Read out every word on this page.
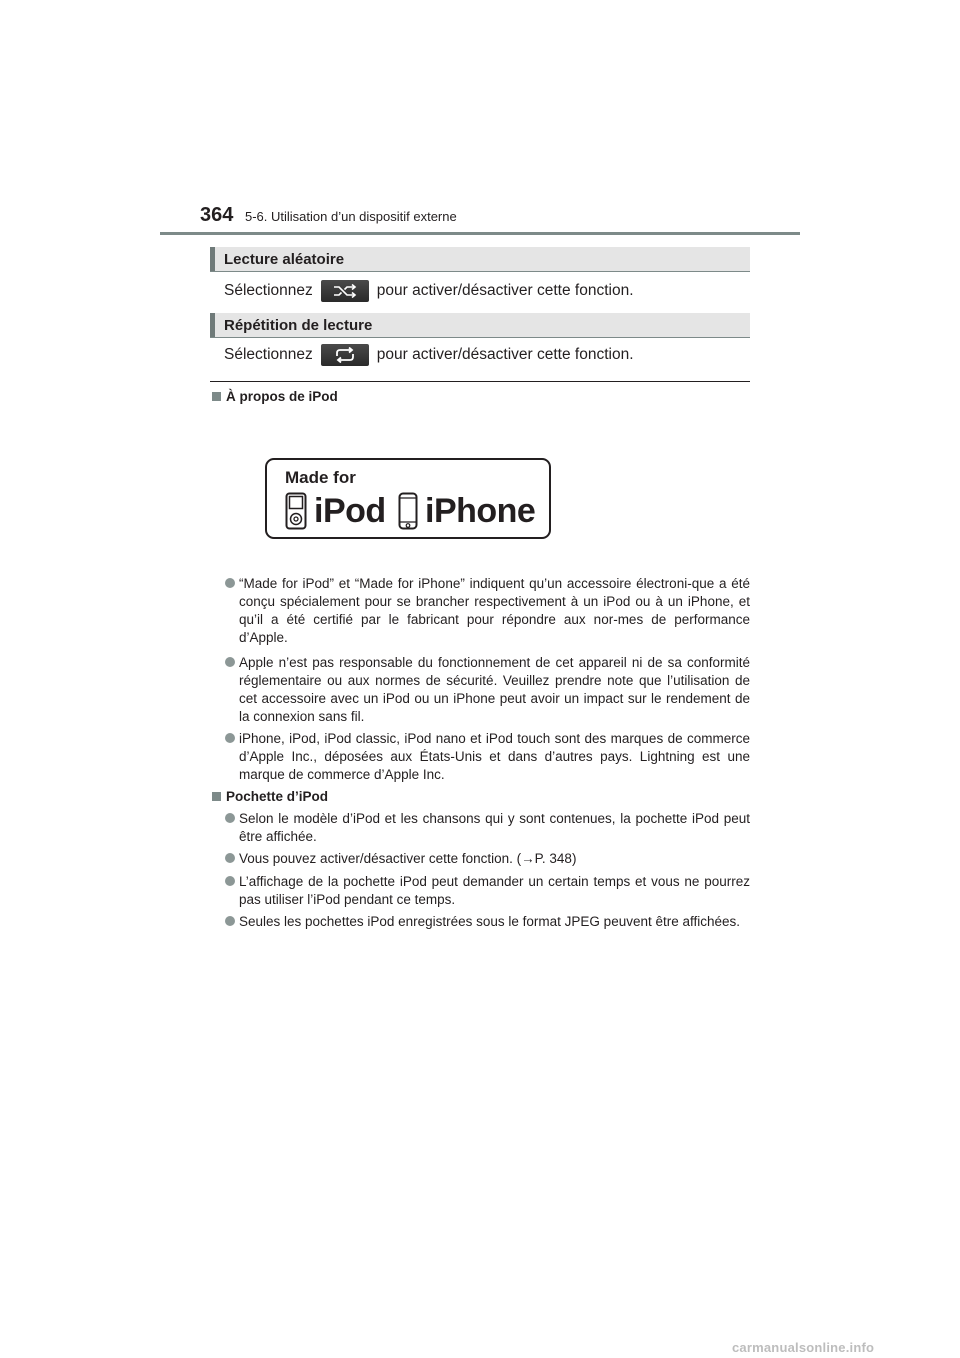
364 5-6. Utilisation d’un dispositif externe
Lecture aléatoire
Sélectionnez	pour activer/désactiver cette fonction.
Répétition de lecture
Sélectionnez	pour activer/désactiver cette fonction.
À propos de iPod
Made for
iPod iPhone
“Made for iPod” et “Made for iPhone” indiquent qu’un accessoire électroni-que a été conçu spécialement pour se brancher respectivement à un iPod ou à un iPhone, et qu’il a été certifié par le fabricant pour répondre aux nor-mes de performance d’Apple.
Apple n’est pas responsable du fonctionnement de cet appareil ni de sa conformité réglementaire ou aux normes de sécurité. Veuillez prendre note que l’utilisation de cet accessoire avec un iPod ou un iPhone peut avoir un impact sur le rendement de la connexion sans fil.
iPhone, iPod, iPod classic, iPod nano et iPod touch sont des marques de commerce d’Apple Inc., déposées aux États-Unis et dans d’autres pays. Lightning est une marque de commerce d’Apple Inc.
Pochette d’iPod
Selon le modèle d’iPod et les chansons qui y sont contenues, la pochette iPod peut être affichée.
Vous pouvez activer/désactiver cette fonction. (→P. 348)
L’affichage de la pochette iPod peut demander un certain temps et vous ne pourrez pas utiliser l’iPod pendant ce temps.
Seules les pochettes iPod enregistrées sous le format JPEG peuvent être affichées.
carmanualsonline.info
